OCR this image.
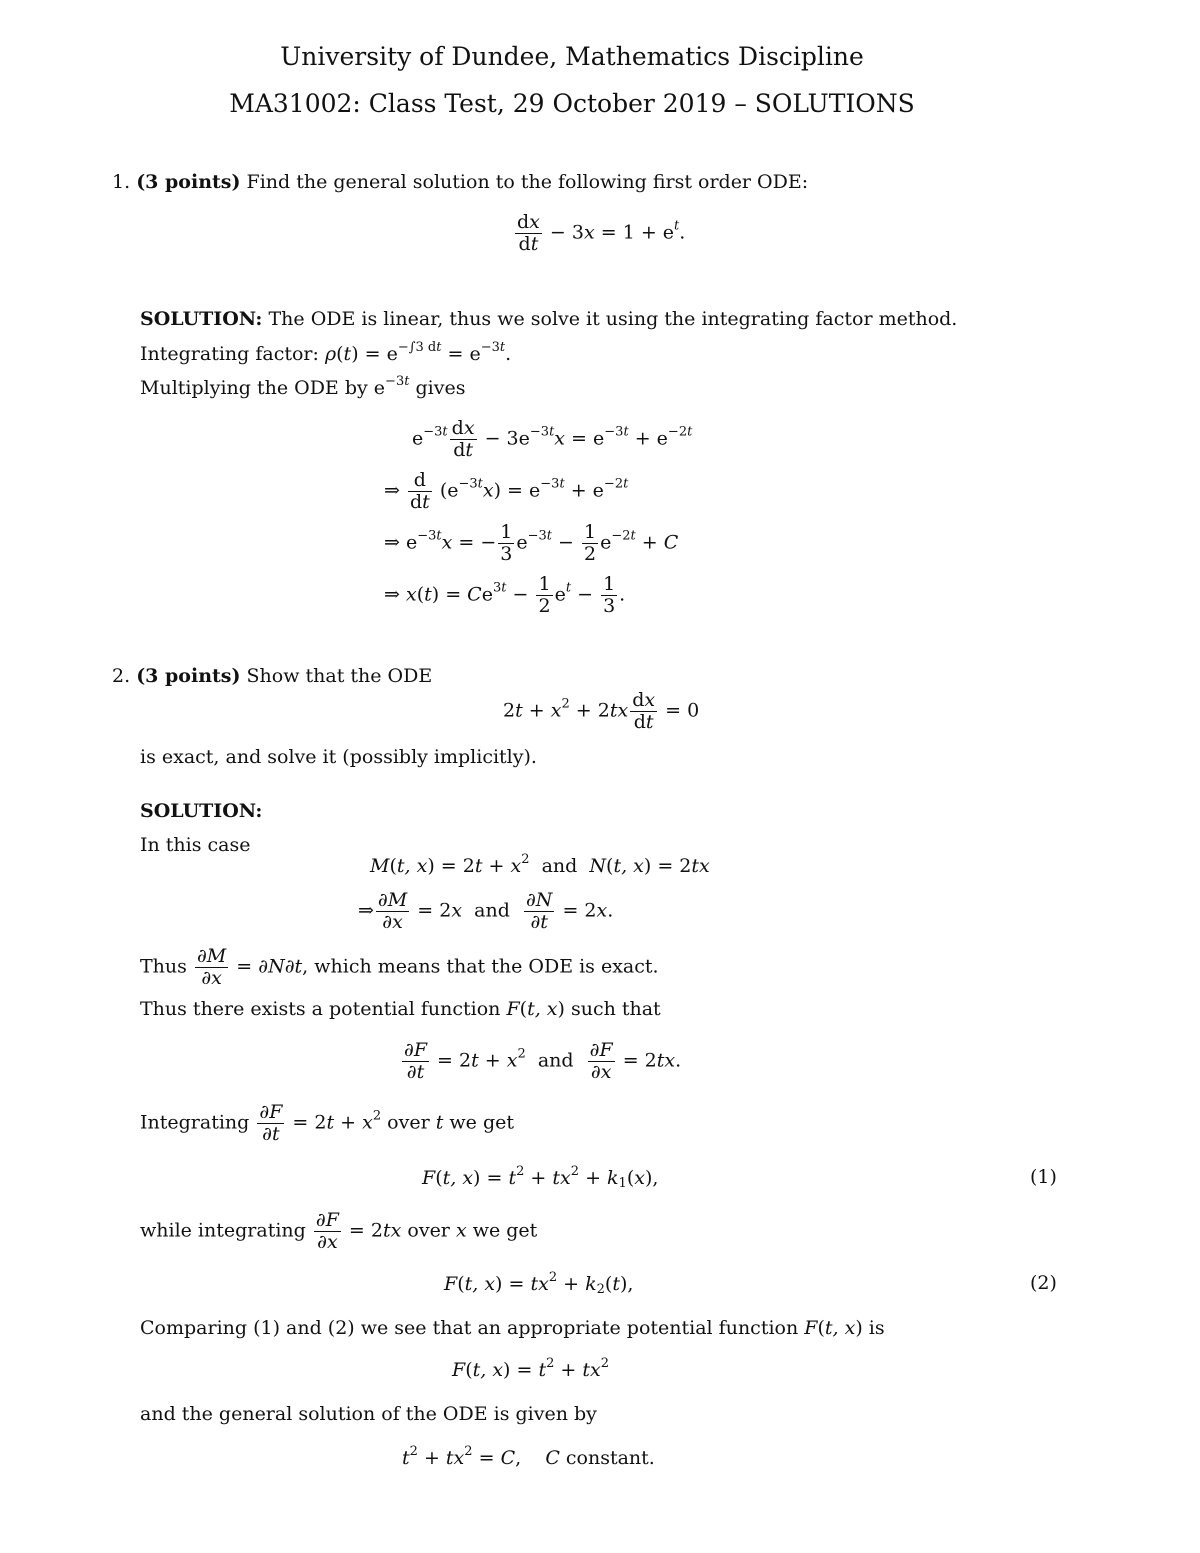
University of Dundee, Mathematics Discipline
MA31002: Class Test, 29 October 2019 – SOLUTIONS
1. (3 points) Find the general solution to the following first order ODE:
$\frac{dx}{dt} - 3x = 1 + e^t$.
SOLUTION: The ODE is linear, thus we solve it using the integrating factor method.
Integrating factor: $\rho(t) = e^{-\int 3 dt} = e^{-3t}$.
Multiplying the ODE by $e^{-3t}$ gives
$e^{-3t} \frac{dx}{dt} - 3e^{-3t}x = e^{-3t} + e^{-2t}$
⇒ $\frac{d}{dt} (e^{-3t}x) = e^{-3t} + e^{-2t}$
⇒ $e^{-3t}x$ = − $\frac{1}{3} e^{-3t} - \frac{1}{2} e^{-2t} + C$
⇒ $x(t) = Ce^{3t} - \frac{1}{2} e^t - \frac{1}{3}$ .
2. (3 points) Show that the ODE
$2t + x^2 + 2tx \frac{dx}{dt} = 0$
is exact, and solve it (possibly implicitly).
SOLUTION:
In this case
M(t, $x) = 2t + x^2$ and N(t, x) = 2tx
⇒ $\frac{\partial M}{\partial x} = 2x$ and $\frac{\partial N}{\partial t} = 2x$.
Thus $\frac{\partial M}{\partial x} = \partial N\partial t$, which means that the ODE is exact.
Thus there exists a potential function F(t, x) such that
$\frac{\partial F}{\partial t} = 2t + x^2$ and $\frac{\partial F}{\partial x} = 2tx$.
Integrating $\frac{\partial F}{\partial t} = 2t + x^2$ over t we get
F(t, $x) = t^2 + tx^2 + k_1(x)$,	(1)
while integrating $\frac{\partial F}{\partial x} = 2tx$ over x we get
F(t, $x) = tx^2 + k_2(t)$,	(2)
Comparing (1) and (2) we see that an appropriate potential function F(t, x) is
F(t, $x) = t^2 + tx^2$
and the general solution of the ODE is given by
$t^2 + tx^2 = C$,    C constant.
